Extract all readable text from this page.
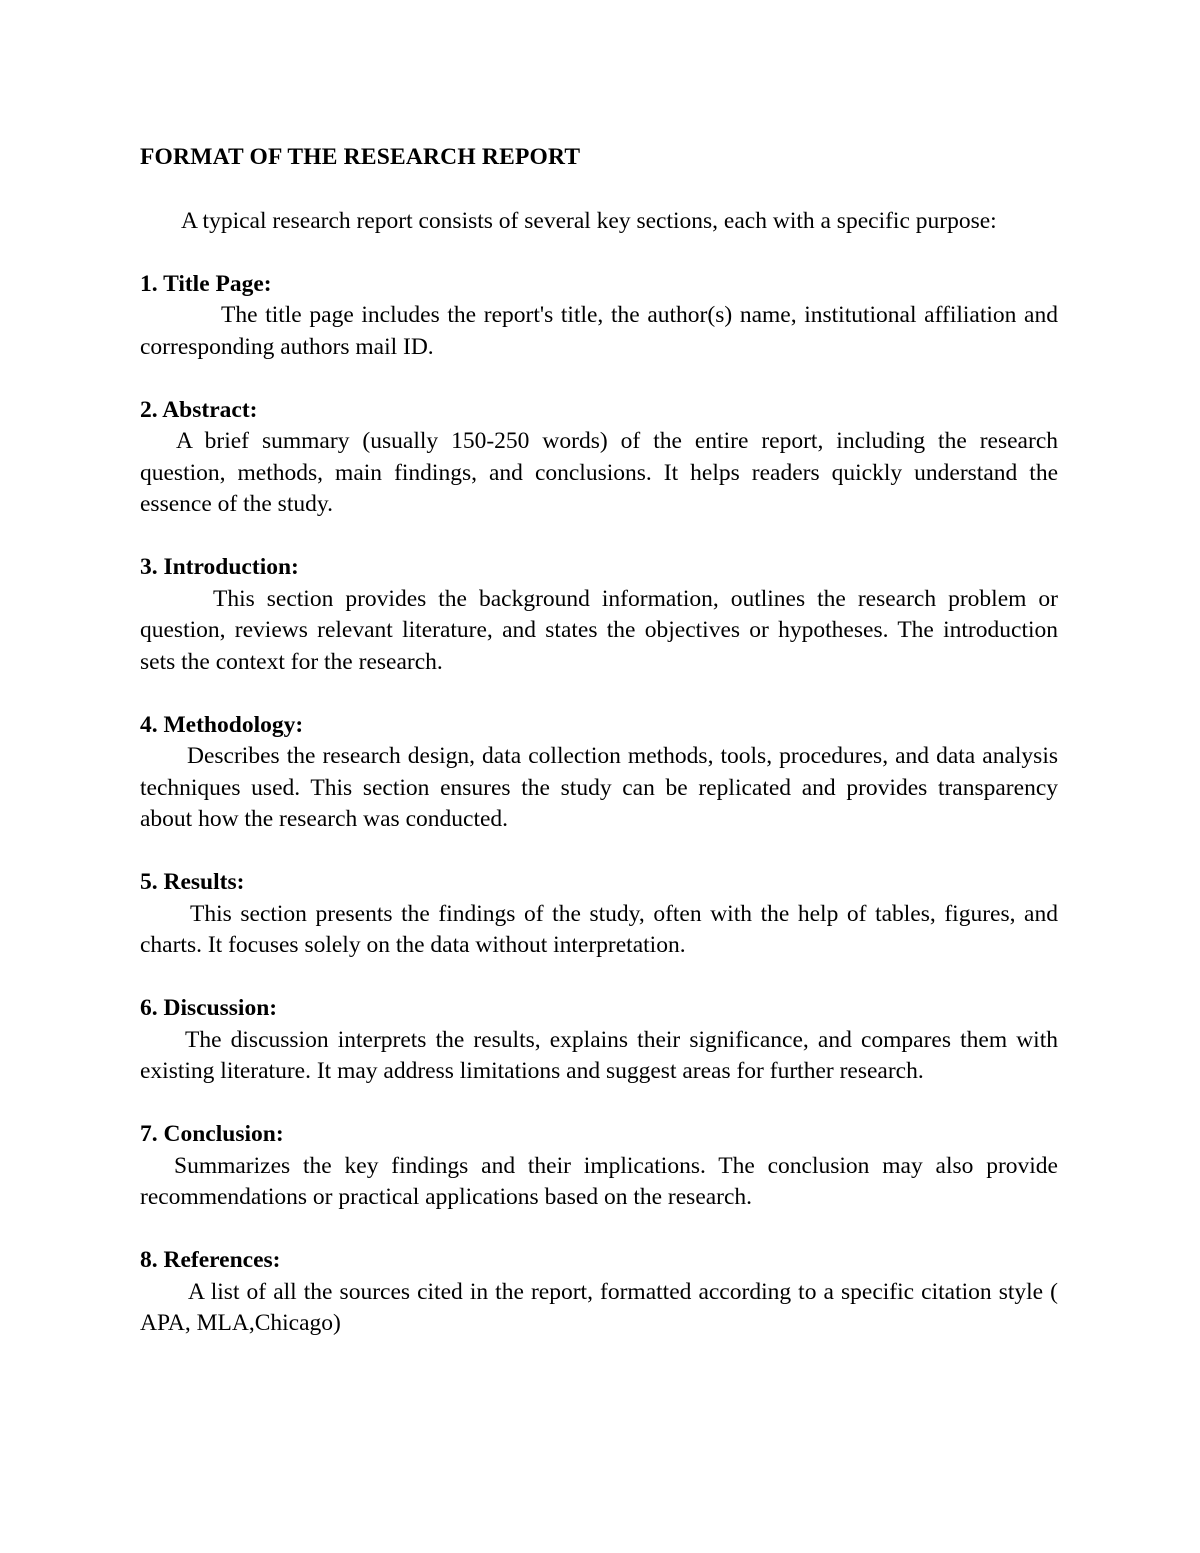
FORMAT OF THE RESEARCH REPORT

A typical research report consists of several key sections, each with a specific purpose:

1. Title Page:

The title page includes the report's title, the author(s) name, institutional affiliation and corresponding authors mail ID.

2. Abstract:

A brief summary (usually 150-250 words) of the entire report, including the research question, methods, main findings, and conclusions. It helps readers quickly understand the essence of the study.

3. Introduction:

This section provides the background information, outlines the research problem or question, reviews relevant literature, and states the objectives or hypotheses. The introduction sets the context for the research.

4. Methodology:

Describes the research design, data collection methods, tools, procedures, and data analysis techniques used. This section ensures the study can be replicated and provides transparency about how the research was conducted.

5. Results:

This section presents the findings of the study, often with the help of tables, figures, and charts. It focuses solely on the data without interpretation.

6. Discussion:

The discussion interprets the results, explains their significance, and compares them with existing literature. It may address limitations and suggest areas for further research.

7. Conclusion:

Summarizes the key findings and their implications. The conclusion may also provide recommendations or practical applications based on the research.

8. References:

A list of all the sources cited in the report, formatted according to a specific citation style ( APA, MLA,Chicago)
